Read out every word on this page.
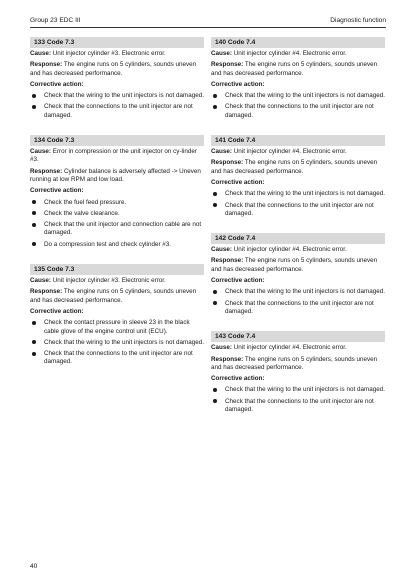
Group 23 EDC III	Diagnostic function
133 Code 7.3
Cause: Unit injector cylinder #3. Electronic error.
Response: The engine runs on 5 cylinders, sounds uneven and has decreased performance.
Corrective action:
Check that the wiring to the unit injectors is not damaged.
Check that the connections to the unit injector are not damaged.
134 Code 7.3
Cause: Error in compression or the unit injector on cy-linder #3.
Response: Cylinder balance is adversely affected -> Uneven running at low RPM and low load.
Corrective action:
Check the fuel feed pressure.
Check the valve clearance.
Check that the unit injector and connection cable are not damaged.
Do a compression test and check cylinder #3.
135 Code 7.3
Cause: Unit injector cylinder #3. Electronic error.
Response: The engine runs on 5 cylinders, sounds uneven and has decreased performance.
Corrective action:
Check the contact pressure in sleeve 23 in the black cable glove of the engine control unit (ECU).
Check that the wiring to the unit injectors is not damaged.
Check that the connections to the unit injector are not damaged.
140 Code 7.4
Cause: Unit injector cylinder #4. Electronic error.
Response: The engine runs on 5 cylinders, sounds uneven and has decreased performance.
Corrective action:
Check that the wiring to the unit injectors is not damaged.
Check that the connections to the unit injector are not damaged.
141 Code 7.4
Cause: Unit injector cylinder #4. Electronic error.
Response: The engine runs on 5 cylinders, sounds uneven and has decreased performance.
Corrective action:
Check that the wiring to the unit injectors is not damaged.
Check that the connections to the unit injector are not damaged.
142 Code 7.4
Cause: Unit injector cylinder #4. Electronic error.
Response: The engine runs on 5 cylinders, sounds uneven and has decreased performance.
Corrective action:
Check that the wiring to the unit injectors is not damaged.
Check that the connections to the unit injector are not damaged.
143 Code 7.4
Cause: Unit injector cylinder #4. Electronic error.
Response: The engine runs on 5 cylinders, sounds uneven and has decreased performance.
Corrective action:
Check that the wiring to the unit injectors is not damaged.
Check that the connections to the unit injector are not damaged.
40
